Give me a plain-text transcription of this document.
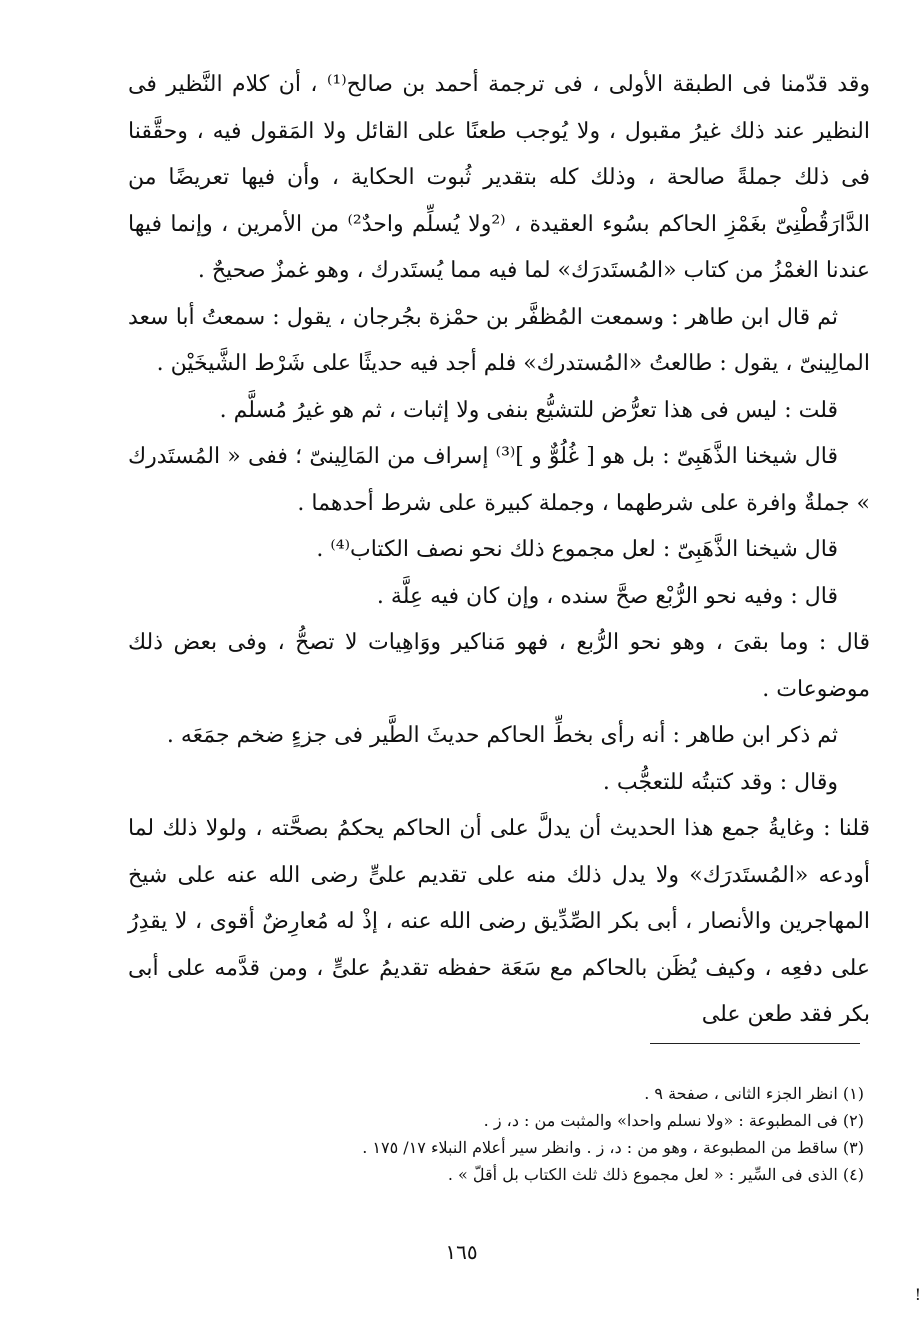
وقد قدّمنا فى الطبقة الأولى ، فى ترجمة أحمد بن صالح⁽¹⁾ ، أن كلام النَّظير فى النظير عند ذلك غيرُ مقبول ، ولا يُوجب طعنًا على القائل ولا المَقول فيه ، وحقَّقنا فى ذلك جملةً صالحة ، وذلك كله بتقدير ثُبوت الحكاية ، وأن فيها تعريضًا من الدَّارَقُطْنِىّ بغَمْزِ الحاكم بسُوء العقيدة ، ⁽²ولا يُسلِّم واحدٌ²⁾ من الأمرين ، وإنما فيها عندنا الغمْزُ من كتاب «المُستَدرَك» لما فيه مما يُستَدرك ، وهو غمزٌ صحيحٌ .

ثم قال ابن طاهر : وسمعت المُظفَّر بن حمْزة بجُرجان ، يقول : سمعتُ أبا سعد المالِينىّ ، يقول : طالعتُ «المُستدرك» فلم أجد فيه حديثًا على شَرْط الشَّيخَيْن .

قلت : ليس فى هذا تعرُّض للتشيُّع بنفى ولا إثبات ، ثم هو غيرُ مُسلَّم .

قال شيخنا الذَّهَبِىّ : بل هو [ غُلُوٌّ و ]⁽³⁾ إسراف من المَالِينىّ ؛ ففى « المُستَدرك » جملةٌ وافرة على شرطهما ، وجملة كبيرة على شرط أحدهما .

قال شيخنا الذَّهَبِىّ : لعل مجموع ذلك نحو نصف الكتاب⁽⁴⁾ .

قال : وفيه نحو الرُّبْع صحَّ سنده ، وإن كان فيه عِلَّة .

قال : وما بقىَ ، وهو نحو الرُّبع ، فهو مَناكير ووَاهِيات لا تصحُّ ، وفى بعض ذلك موضوعات .

ثم ذكر ابن طاهر : أنه رأى بخطِّ الحاكم حديثَ الطَّير فى جزءٍ ضخم جمَعَه .

وقال : وقد كتبتُه للتعجُّب .

قلنا : وغايةُ جمع هذا الحديث أن يدلَّ على أن الحاكم يحكمُ بصحَّته ، ولولا ذلك لما أودعه «المُستَدرَك» ولا يدل ذلك منه على تقديم علىٍّ رضى الله عنه على شيخ المهاجرين والأنصار ، أبى بكر الصِّدِّيق رضى الله عنه ، إذْ له مُعارِضٌ أقوى ، لا يقدِرُ على دفعِه ، وكيف يُظَن بالحاكم مع سَعَة حفظه تقديمُ علىٍّ ، ومن قدَّمه على أبى بكر فقد طعن على

(١) انظر الجزء الثانى ، صفحة ٩ .

(٢) فى المطبوعة : «ولا نسلم واحدا» والمثبت من : د، ز .

(٣) ساقط من المطبوعة ، وهو من : د، ز . وانظر سير أعلام النبلاء ١٧/ ١٧٥ .

(٤) الذى فى السِّير : « لعل مجموع ذلك ثلث الكتاب بل أقلّ » .

١٦٥
!
